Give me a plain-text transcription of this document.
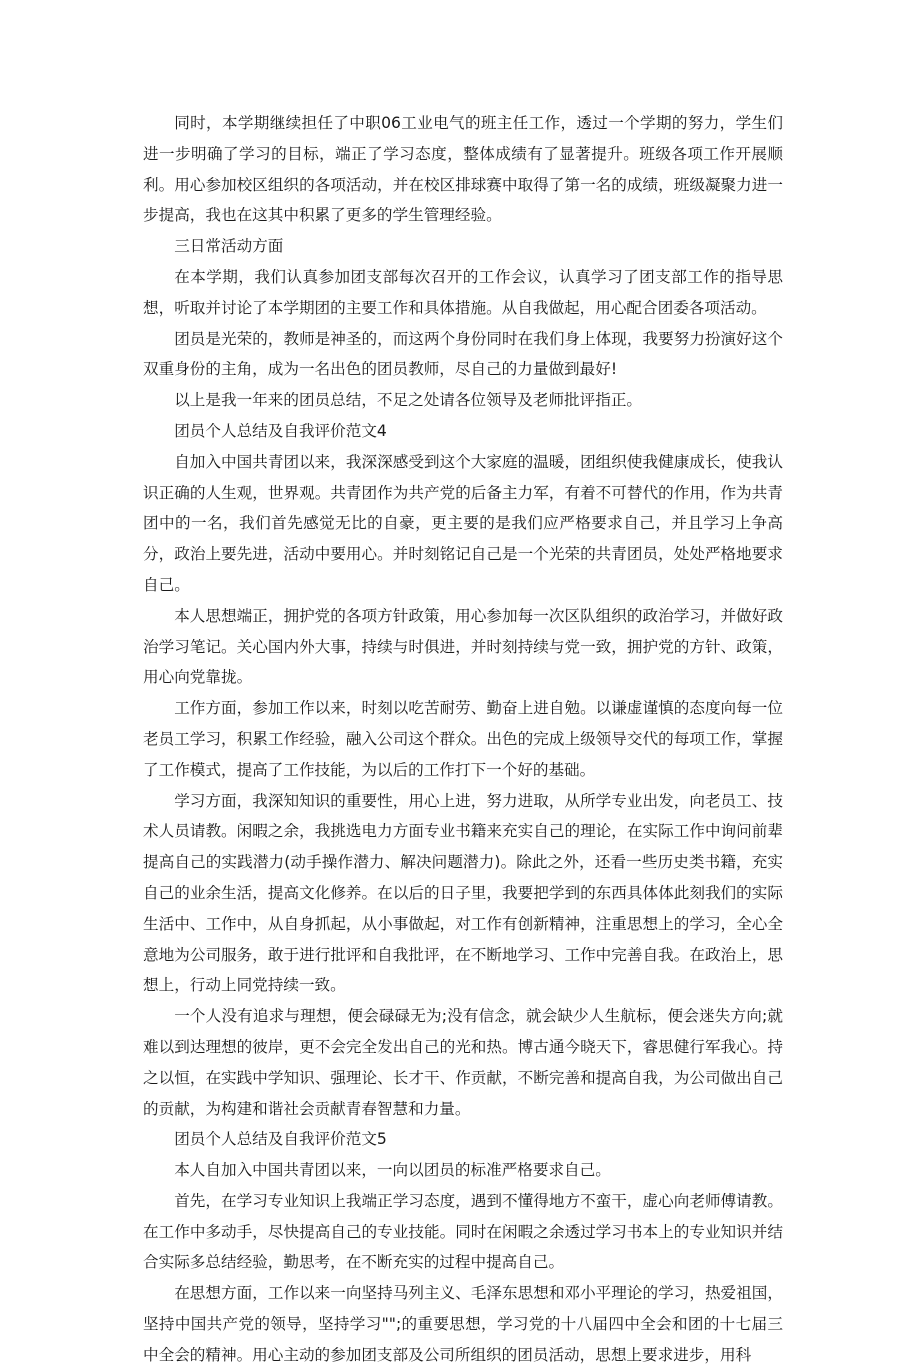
同时，本学期继续担任了中职06工业电气的班主任工作，透过一个学期的努力，学生们进一步明确了学习的目标，端正了学习态度，整体成绩有了显著提升。班级各项工作开展顺利。用心参加校区组织的各项活动，并在校区排球赛中取得了第一名的成绩，班级凝聚力进一步提高，我也在这其中积累了更多的学生管理经验。

三日常活动方面

在本学期，我们认真参加团支部每次召开的工作会议，认真学习了团支部工作的指导思想，听取并讨论了本学期团的主要工作和具体措施。从自我做起，用心配合团委各项活动。

团员是光荣的，教师是神圣的，而这两个身份同时在我们身上体现，我要努力扮演好这个双重身份的主角，成为一名出色的团员教师，尽自己的力量做到最好!

以上是我一年来的团员总结，不足之处请各位领导及老师批评指正。

团员个人总结及自我评价范文4

自加入中国共青团以来，我深深感受到这个大家庭的温暖，团组织使我健康成长，使我认识正确的人生观，世界观。共青团作为共产党的后备主力军，有着不可替代的作用，作为共青团中的一名，我们首先感觉无比的自豪，更主要的是我们应严格要求自己，并且学习上争高分，政治上要先进，活动中要用心。并时刻铭记自己是一个光荣的共青团员，处处严格地要求自己。

本人思想端正，拥护党的各项方针政策，用心参加每一次区队组织的政治学习，并做好政治学习笔记。关心国内外大事，持续与时俱进，并时刻持续与党一致，拥护党的方针、政策，用心向党靠拢。

工作方面，参加工作以来，时刻以吃苦耐劳、勤奋上进自勉。以谦虚谨慎的态度向每一位老员工学习，积累工作经验，融入公司这个群众。出色的完成上级领导交代的每项工作，掌握了工作模式，提高了工作技能，为以后的工作打下一个好的基础。

学习方面，我深知知识的重要性，用心上进，努力进取，从所学专业出发，向老员工、技术人员请教。闲暇之余，我挑选电力方面专业书籍来充实自己的理论，在实际工作中询问前辈提高自己的实践潜力(动手操作潜力、解决问题潜力)。除此之外，还看一些历史类书籍，充实自己的业余生活，提高文化修养。在以后的日子里，我要把学到的东西具体体此刻我们的实际生活中、工作中，从自身抓起，从小事做起，对工作有创新精神，注重思想上的学习，全心全意地为公司服务，敢于进行批评和自我批评，在不断地学习、工作中完善自我。在政治上，思想上，行动上同党持续一致。

一个人没有追求与理想，便会碌碌无为;没有信念，就会缺少人生航标，便会迷失方向;就难以到达理想的彼岸，更不会完全发出自己的光和热。博古通今晓天下，睿思健行军我心。持之以恒，在实践中学知识、强理论、长才干、作贡献，不断完善和提高自我，为公司做出自己的贡献，为构建和谐社会贡献青春智慧和力量。

团员个人总结及自我评价范文5

本人自加入中国共青团以来，一向以团员的标准严格要求自己。

首先，在学习专业知识上我端正学习态度，遇到不懂得地方不蛮干，虚心向老师傅请教。在工作中多动手，尽快提高自己的专业技能。同时在闲暇之余透过学习书本上的专业知识并结合实际多总结经验，勤思考，在不断充实的过程中提高自己。

在思想方面，工作以来一向坚持马列主义、毛泽东思想和邓小平理论的学习，热爱祖国，坚持中国共产党的领导，坚持学习"";的重要思想，学习党的十八届四中全会和团的十七届三中全会的精神。用心主动的参加团支部及公司所组织的团员活动，思想上要求进步，用科
